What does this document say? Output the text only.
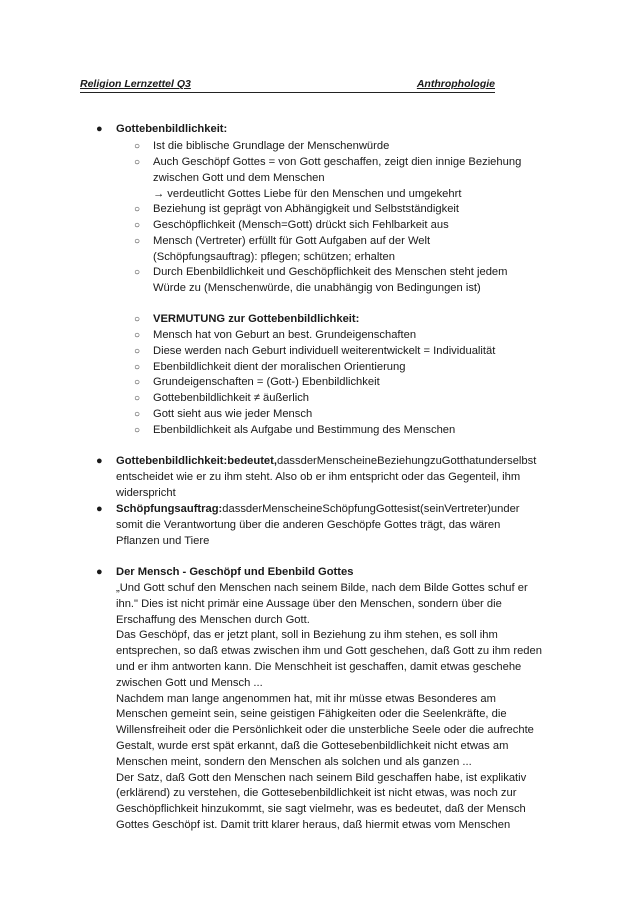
Religion Lernzettel Q3	Anthrophologie
● Gottebenbildlichkeit:
○ Ist die biblische Grundlage der Menschenwürde
○ Auch Geschöpf Gottes = von Gott geschaffen, zeigt dien innige Beziehung
zwischen Gott und dem Menschen
→ verdeutlicht Gottes Liebe für den Menschen und umgekehrt
○ Beziehung ist geprägt von Abhängigkeit und Selbstständigkeit
○ Geschöpflichkeit (Mensch=Gott) drückt sich Fehlbarkeit aus
○ Mensch (Vertreter) erfüllt für Gott Aufgaben auf der Welt
(Schöpfungsauftrag): pflegen; schützen; erhalten
○ Durch Ebenbildlichkeit und Geschöpflichkeit des Menschen steht jedem
Würde zu (Menschenwürde, die unabhängig von Bedingungen ist)
○ VERMUTUNG zur Gottebenbildlichkeit:
○ Mensch hat von Geburt an best. Grundeigenschaften
○ Diese werden nach Geburt individuell weiterentwickelt = Individualität
○ Ebenbildlichkeit dient der moralischen Orientierung
○ Grundeigenschaften = (Gott-) Ebenbildlichkeit
○ Gottebenbildlichkeit ≠ äußerlich
○ Gott sieht aus wie jeder Mensch
○ Ebenbildlichkeit als Aufgabe und Bestimmung des Menschen
● Gottebenbildlichkeit:bedeutet,dassderMenscheineBeziehungzuGotthatunderselbst
entscheidet wie er zu ihm steht. Also ob er ihm entspricht oder das Gegenteil, ihm
widerspricht
● Schöpfungsauftrag:dassderMenscheineSchöpfungGottesist(seinVertreter)under
somit die Verantwortung über die anderen Geschöpfe Gottes trägt, das wären
Pflanzen und Tiere
● Der Mensch - Geschöpf und Ebenbild Gottes
„Und Gott schuf den Menschen nach seinem Bilde, nach dem Bilde Gottes schuf er
ihn." Dies ist nicht primär eine Aussage über den Menschen, sondern über die
Erschaffung des Menschen durch Gott.
Das Geschöpf, das er jetzt plant, soll in Beziehung zu ihm stehen, es soll ihm
entsprechen, so daß etwas zwischen ihm und Gott geschehen, daß Gott zu ihm reden
und er ihm antworten kann. Die Menschheit ist geschaffen, damit etwas geschehe
zwischen Gott und Mensch ...
Nachdem man lange angenommen hat, mit ihr müsse etwas Besonderes am
Menschen gemeint sein, seine geistigen Fähigkeiten oder die Seelenkräfte, die
Willensfreiheit oder die Persönlichkeit oder die unsterbliche Seele oder die aufrechte
Gestalt, wurde erst spät erkannt, daß die Gottesebenbildlichkeit nicht etwas am
Menschen meint, sondern den Menschen als solchen und als ganzen ...
Der Satz, daß Gott den Menschen nach seinem Bild geschaffen habe, ist explikativ
(erklärend) zu verstehen, die Gottesebenbildlichkeit ist nicht etwas, was noch zur
Geschöpflichkeit hinzukommt, sie sagt vielmehr, was es bedeutet, daß der Mensch
Gottes Geschöpf ist. Damit tritt klarer heraus, daß hiermit etwas vom Menschen
